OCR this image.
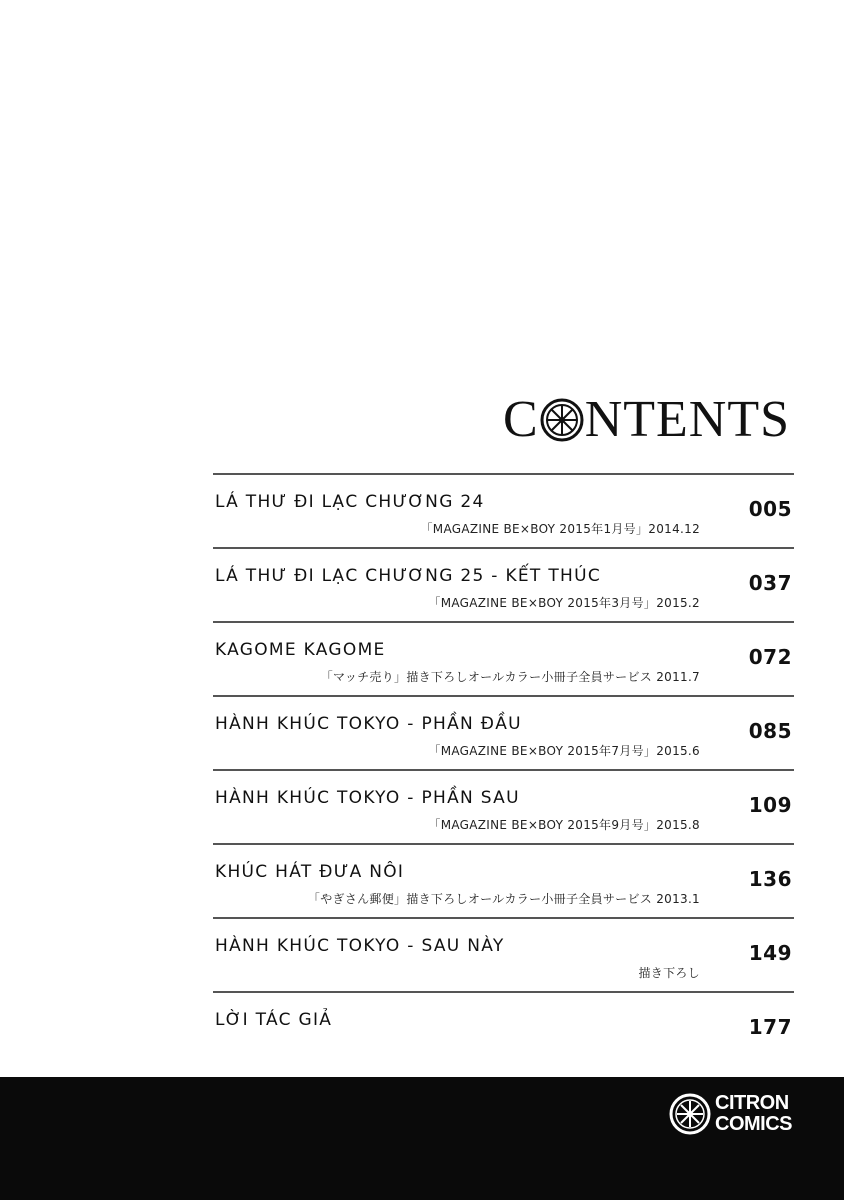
C NTENTS
LÁ THƯ ĐI LẠC CHƯƠNG 24
「MAGAZINE BE×BOY 2015年1月号」2014.12
005
LÁ THƯ ĐI LẠC CHƯƠNG 25 - KẾT THÚC
「MAGAZINE BE×BOY 2015年3月号」2015.2
037
KAGOME KAGOME
「マッチ売り」描き下ろしオールカラー小冊子全員サービス 2011.7
072
HÀNH KHÚC TOKYO - PHẦN ĐẦU
「MAGAZINE BE×BOY 2015年7月号」2015.6
085
HÀNH KHÚC TOKYO - PHẦN SAU
「MAGAZINE BE×BOY 2015年9月号」2015.8
109
KHÚC HÁT ĐƯA NÔI
「やぎさん郵便」描き下ろしオールカラー小冊子全員サービス 2013.1
136
HÀNH KHÚC TOKYO - SAU NÀY
描き下ろし
149
LỜI TÁC GIẢ	177
CITRON
COMICS
